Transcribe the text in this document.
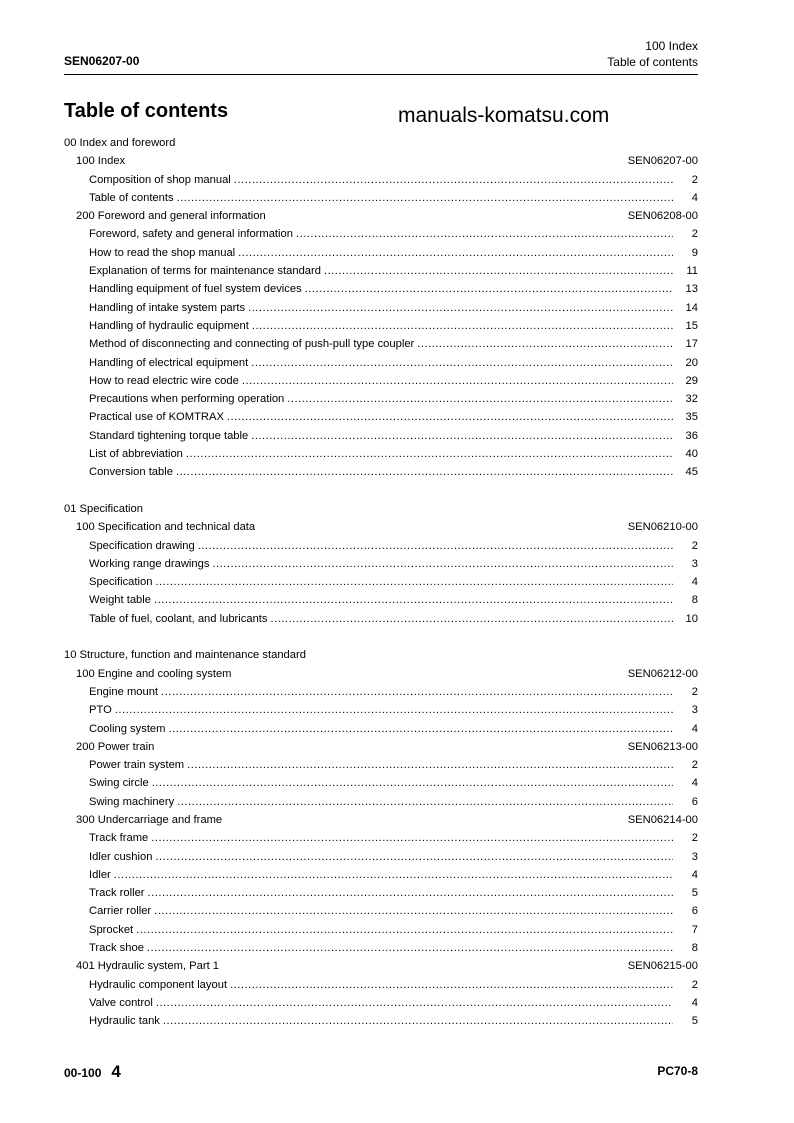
SEN06207-00
100 Index
Table of contents
Table of contents	manuals-komatsu.com
00 Index and foreword
100 Index	SEN06207-00
Composition of shop manual .....	2
Table of contents .....	4
200 Foreword and general information	SEN06208-00
Foreword, safety and general information .....	2
How to read the shop manual .....	9
Explanation of terms for maintenance standard .....	11
Handling equipment of fuel system devices .....	13
Handling of intake system parts .....	14
Handling of hydraulic equipment .....	15
Method of disconnecting and connecting of push-pull type coupler .....	17
Handling of electrical equipment .....	20
How to read electric wire code .....	29
Precautions when performing operation .....	32
Practical use of KOMTRAX .....	35
Standard tightening torque table .....	36
List of abbreviation .....	40
Conversion table .....	45
01 Specification
100 Specification and technical data	SEN06210-00
Specification drawing .....	2
Working range drawings .....	3
Specification .....	4
Weight table .....	8
Table of fuel, coolant, and lubricants .....	10
10 Structure, function and maintenance standard
100 Engine and cooling system	SEN06212-00
Engine mount .....	2
PTO .....	3
Cooling system .....	4
200 Power train	SEN06213-00
Power train system .....	2
Swing circle .....	4
Swing machinery .....	6
300 Undercarriage and frame	SEN06214-00
Track frame .....	2
Idler cushion .....	3
Idler .....	4
Track roller .....	5
Carrier roller .....	6
Sprocket .....	7
Track shoe .....	8
401 Hydraulic system, Part 1	SEN06215-00
Hydraulic component layout .....	2
Valve control .....	4
Hydraulic tank .....	5
00-100 4	PC70-8
